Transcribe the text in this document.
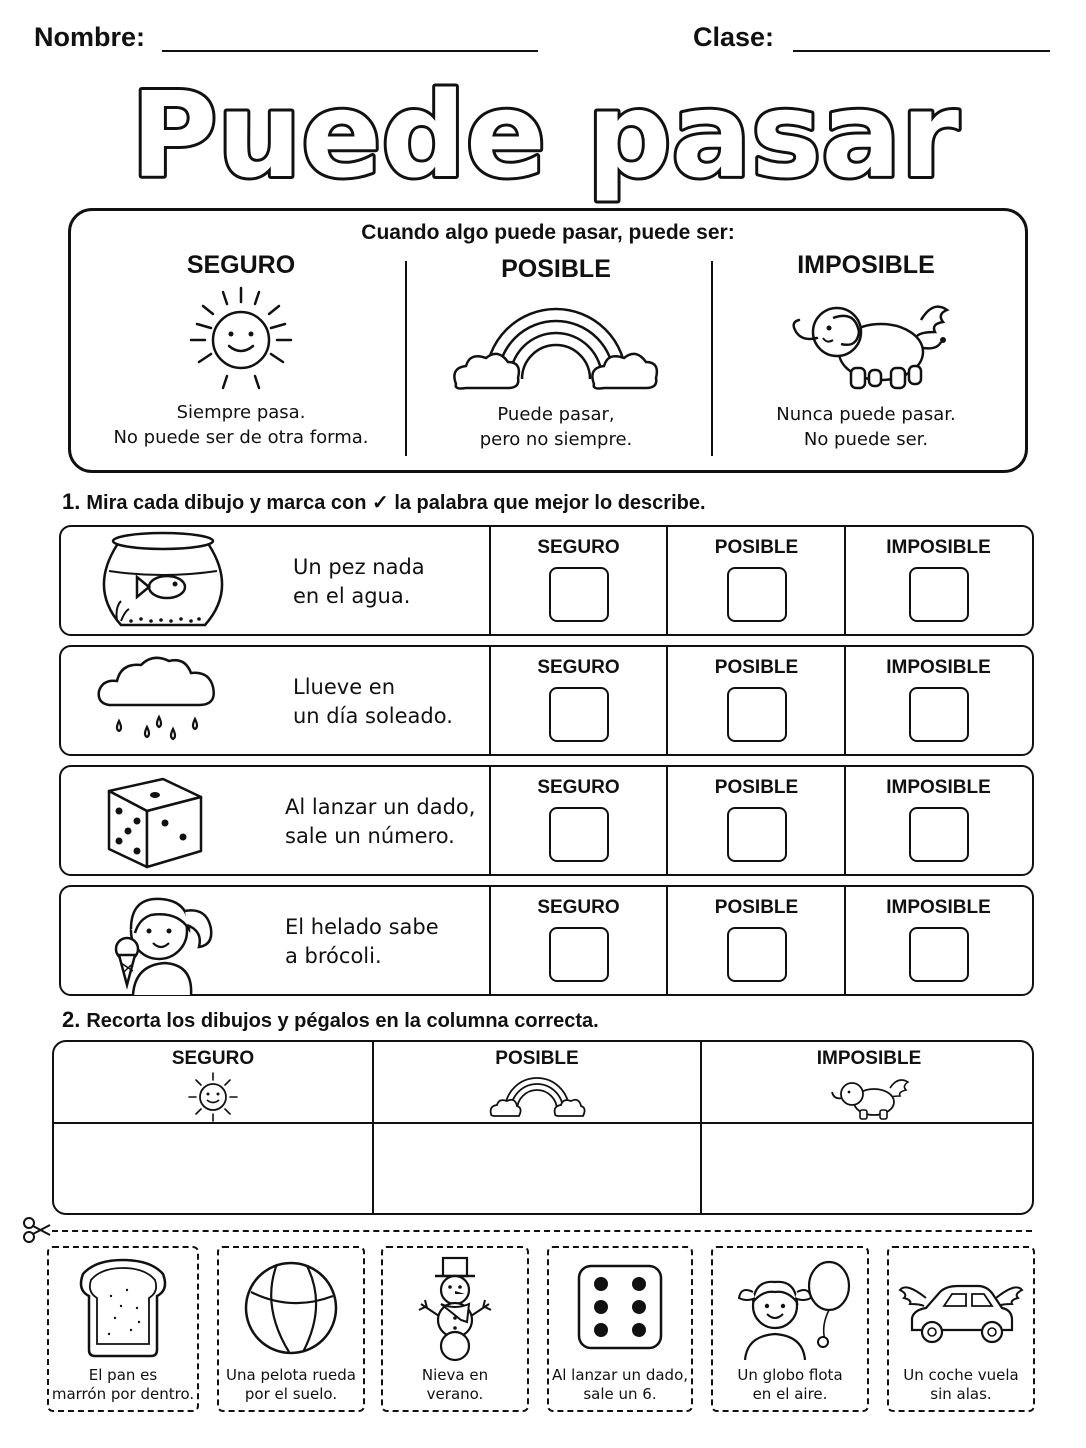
Nombre:	Clase:
Puede pasar
Cuando algo puede pasar, puede ser:
SEGURO
Siempre pasa.
No puede ser de otra forma.
POSIBLE
Puede pasar,
pero no siempre.
IMPOSIBLE
Nunca puede pasar.
No puede ser.
1. Mira cada dibujo y marca con ✓ la palabra que mejor lo describe.
Un pez nada
en el agua.
SEGURO	POSIBLE	IMPOSIBLE
Llueve en
un día soleado.
SEGURO	POSIBLE	IMPOSIBLE
Al lanzar un dado,
sale un número.
SEGURO	POSIBLE	IMPOSIBLE
El helado sabe
a brócoli.
SEGURO	POSIBLE	IMPOSIBLE
2. Recorta los dibujos y pégalos en la columna correcta.
SEGURO	POSIBLE	IMPOSIBLE
El pan es
marrón por dentro.
Una pelota rueda
por el suelo.
Nieva en
verano.
Al lanzar un dado,
sale un 6.
Un globo flota
en el aire.
Un coche vuela
sin alas.
